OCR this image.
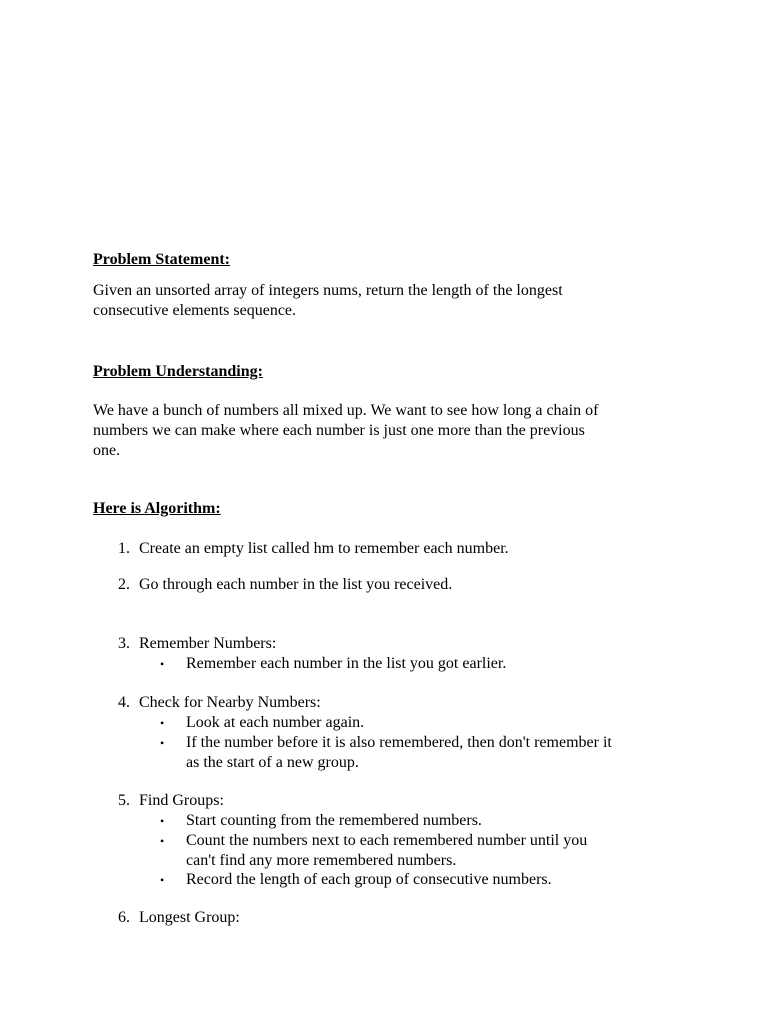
Problem Statement:
Given an unsorted array of integers nums, return the length of the longest
consecutive elements sequence.
Problem Understanding:
We have a bunch of numbers all mixed up. We want to see how long a chain of
numbers we can make where each number is just one more than the previous
one.
Here is Algorithm:
1. Create an empty list called hm to remember each number.
2. Go through each number in the list you received.
3. Remember Numbers:
• Remember each number in the list you got earlier.
4. Check for Nearby Numbers:
• Look at each number again.
• If the number before it is also remembered, then don't remember it
as the start of a new group.
5. Find Groups:
• Start counting from the remembered numbers.
• Count the numbers next to each remembered number until you
can't find any more remembered numbers.
• Record the length of each group of consecutive numbers.
6. Longest Group:
